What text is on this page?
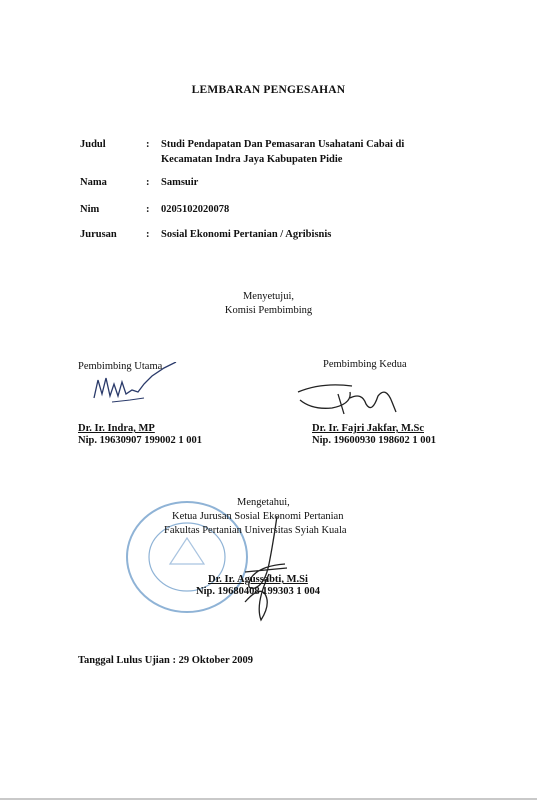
LEMBARAN PENGESAHAN
Judul	: Studi Pendapatan Dan Pemasaran Usahatani Cabai di Kecamatan Indra Jaya Kabupaten Pidie
Nama	: Samsuir
Nim	: 0205102020078
Jurusan	: Sosial Ekonomi Pertanian / Agribisnis
Menyetujui,
Komisi Pembimbing
Pembimbing Utama
Dr. Ir. Indra, MP
Nip. 19630907 199002 1 001
Pembimbing Kedua
Dr. Ir. Fajri Jakfar, M.Sc
Nip. 19600930 198602 1 001
Mengetahui,
Ketua Jurusan Sosial Ekonomi Pertanian
Fakultas Pertanian Universitas Syiah Kuala
Dr. Ir. Agussabti, M.Si
Nip. 19680408 199303 1 004
Tanggal Lulus Ujian : 29 Oktober 2009
